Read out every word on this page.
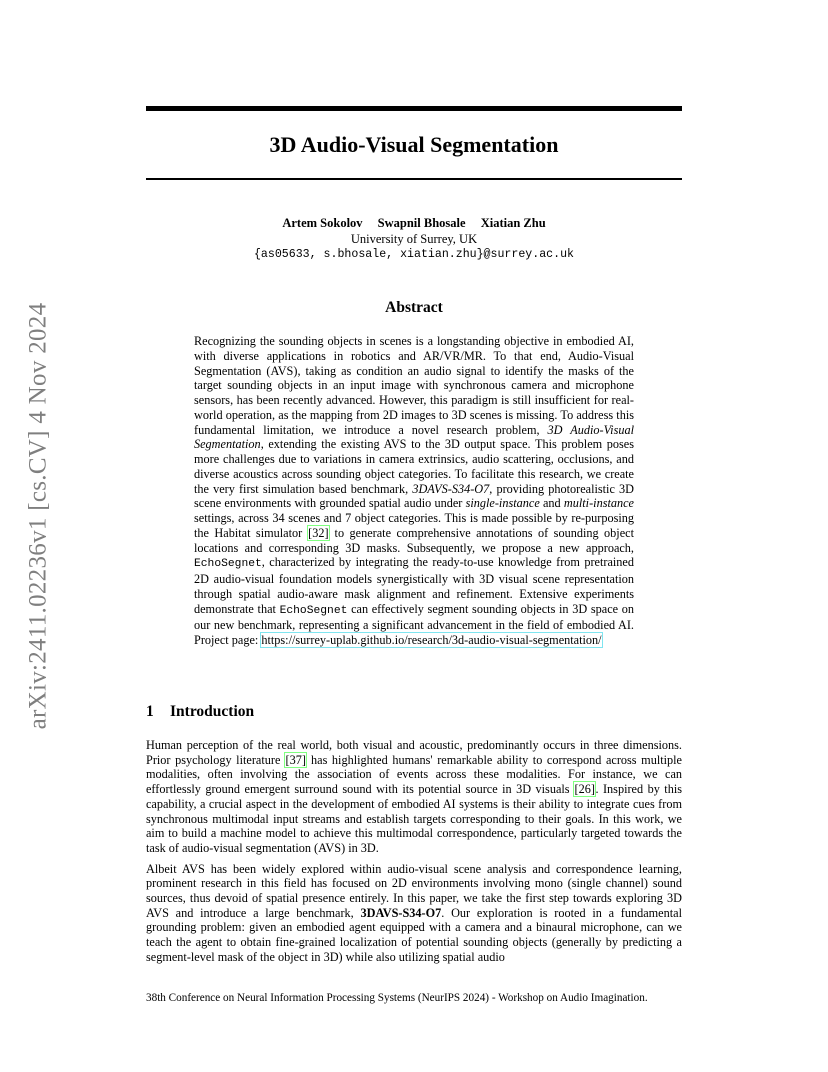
arXiv:2411.02236v1 [cs.CV] 4 Nov 2024
3D Audio-Visual Segmentation
Artem Sokolov Swapnil Bhosale Xiatian Zhu
University of Surrey, UK
{as05633, s.bhosale, xiatian.zhu}@surrey.ac.uk
Abstract

Recognizing the sounding objects in scenes is a longstanding objective in embodied AI, with diverse applications in robotics and AR/VR/MR. To that end, Audio-Visual Segmentation (AVS), taking as condition an audio signal to identify the masks of the target sounding objects in an input image with synchronous camera and microphone sensors, has been recently advanced. However, this paradigm is still insufficient for real-world operation, as the mapping from 2D images to 3D scenes is missing. To address this fundamental limitation, we introduce a novel research problem, 3D Audio-Visual Segmentation, extending the existing AVS to the 3D output space. This problem poses more challenges due to variations in camera extrinsics, audio scattering, occlusions, and diverse acoustics across sounding object categories. To facilitate this research, we create the very first simulation based benchmark, 3DAVS-S34-O7, providing photorealistic 3D scene environments with grounded spatial audio under single-instance and multi-instance settings, across 34 scenes and 7 object categories. This is made possible by re-purposing the Habitat simulator [32] to generate comprehensive annotations of sounding object locations and corresponding 3D masks. Subsequently, we propose a new approach, EchoSegnet, characterized by integrating the ready-to-use knowledge from pretrained 2D audio-visual foundation models synergistically with 3D visual scene representation through spatial audio-aware mask alignment and refinement. Extensive experiments demonstrate that EchoSegnet can effectively segment sounding objects in 3D space on our new benchmark, representing a significant advancement in the field of embodied AI. Project page: https://surrey-uplab.github.io/research/3d-audio-visual-segmentation/

1 Introduction

Human perception of the real world, both visual and acoustic, predominantly occurs in three dimensions. Prior psychology literature [37] has highlighted humans' remarkable ability to correspond across multiple modalities, often involving the association of events across these modalities. For instance, we can effortlessly ground emergent surround sound with its potential source in 3D visuals [26]. Inspired by this capability, a crucial aspect in the development of embodied AI systems is their ability to integrate cues from synchronous multimodal input streams and establish targets corresponding to their goals. In this work, we aim to build a machine model to achieve this multimodal correspondence, particularly targeted towards the task of audio-visual segmentation (AVS) in 3D.

Albeit AVS has been widely explored within audio-visual scene analysis and correspondence learning, prominent research in this field has focused on 2D environments involving mono (single channel) sound sources, thus devoid of spatial presence entirely. In this paper, we take the first step towards exploring 3D AVS and introduce a large benchmark, 3DAVS-S34-O7. Our exploration is rooted in a fundamental grounding problem: given an embodied agent equipped with a camera and a binaural microphone, can we teach the agent to obtain fine-grained localization of potential sounding objects (generally by predicting a segment-level mask of the object in 3D) while also utilizing spatial audio

38th Conference on Neural Information Processing Systems (NeurIPS 2024) - Workshop on Audio Imagination.
